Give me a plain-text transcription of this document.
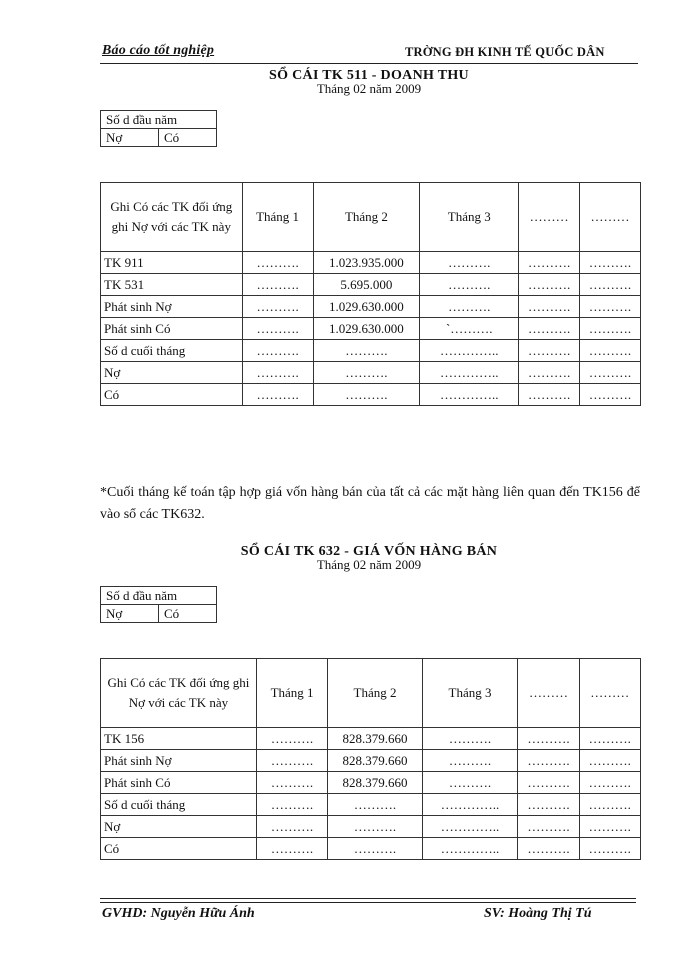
Báo cáo tốt nghiệp	TRỜNG ĐH KINH TẾ QUỐC DÂN
SỔ CÁI TK 511 - DOANH THU
Tháng 02 năm 2009
Số d đầu năm
Nợ	Có
Ghi Có các TK đối ứng ghi Nợ với các TK này	Tháng 1	Tháng 2	Tháng 3	………	………
TK 911	……….	1.023.935.000	……….	……….	……….
TK 531	……….	5.695.000	……….	……….	……….
Phát sinh Nợ	……….	1.029.630.000	……….	……….	……….
Phát sinh Có	……….	1.029.630.000	`……….	……….	……….
Số d cuối tháng	……….	……….	…………..	……….	……….
Nợ	……….	……….	…………..	……….	……….
Có	……….	……….	…………..	……….	……….
*Cuối tháng kế toán tập hợp giá vốn hàng bán của tất cả các mặt hàng liên quan đến TK156 để vào sổ các TK632.
SỔ CÁI TK 632 - GIÁ VỐN HÀNG BÁN
Tháng 02 năm 2009
Số d đầu năm
Nợ	Có
Ghi Có các TK đối ứng ghi Nợ với các TK này	Tháng 1	Tháng 2	Tháng 3	………	………
TK 156	……….	828.379.660	……….	……….	……….
Phát sinh Nợ	……….	828.379.660	……….	……….	……….
Phát sinh Có	……….	828.379.660	……….	……….	……….
Số d cuối tháng	……….	……….	…………..	……….	……….
Nợ	……….	……….	…………..	……….	……….
Có	……….	……….	…………..	……….	……….
GVHD: Nguyễn Hữu Ánh	SV: Hoàng Thị Tú
